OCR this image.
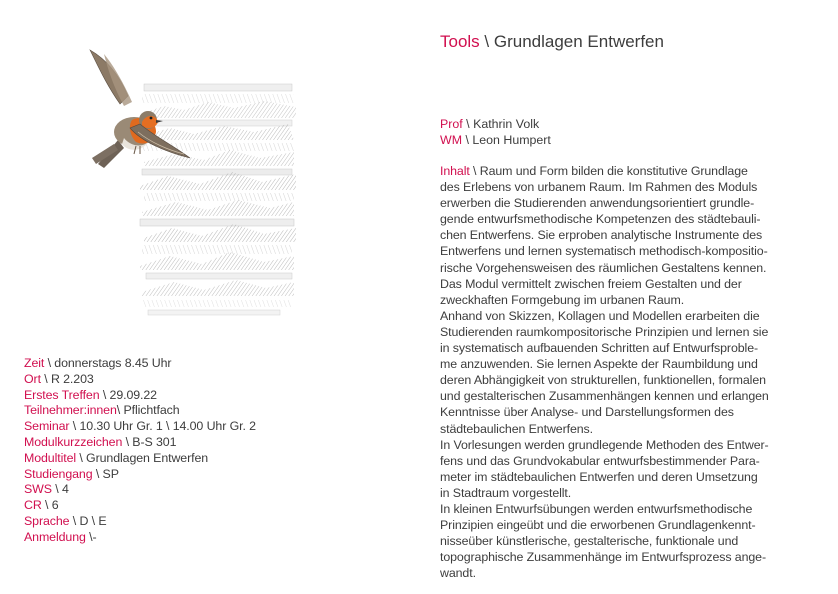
Tools \ Grundlagen Entwerfen
Prof \ Kathrin Volk
WM \ Leon Humpert
Inhalt \ Raum und Form bilden die konstitutive Grundlage
des Erlebens von urbanem Raum. Im Rahmen des Moduls
erwerben die Studierenden anwendungsorientiert grundle-
gende entwurfsmethodische Kompetenzen des städtebauli-
chen Entwerfens. Sie erproben analytische Instrumente des
Entwerfens und lernen systematisch methodisch-kompositio-
rische Vorgehensweisen des räumlichen Gestaltens kennen.
Das Modul vermittelt zwischen freiem Gestalten und der
zweckhaften Formgebung im urbanen Raum.
Anhand von Skizzen, Kollagen und Modellen erarbeiten die
Studierenden raumkompositorische Prinzipien und lernen sie
in systematisch aufbauenden Schritten auf Entwurfsproble-
me anzuwenden. Sie lernen Aspekte der Raumbildung und
deren Abhängigkeit von strukturellen, funktionellen, formalen
und gestalterischen Zusammenhängen kennen und erlangen
Kenntnisse über Analyse- und Darstellungsformen des
städtebaulichen Entwerfens.
In Vorlesungen werden grundlegende Methoden des Entwer-
fens und das Grundvokabular entwurfsbestimmender Para-
meter im städtebaulichen Entwerfen und deren Umsetzung
in Stadtraum vorgestellt.
In kleinen Entwurfsübungen werden entwurfsmethodische
Prinzipien eingeübt und die erworbenen Grundlagenkennt-
nisseüber künstlerische, gestalterische, funktionale und
topographische Zusammenhänge im Entwurfsprozess ange-
wandt.
Zeit \ donnerstags 8.45 Uhr
Ort \ R 2.203
Erstes Treffen \ 29.09.22
Teilnehmer:innen\ Pflichtfach
Seminar \ 10.30 Uhr Gr. 1 \ 14.00 Uhr Gr. 2
Modulkurzzeichen \ B-S 301
Modultitel \ Grundlagen Entwerfen
Studiengang \ SP
SWS \ 4
CR \ 6
Sprache \ D \ E
Anmeldung \-
